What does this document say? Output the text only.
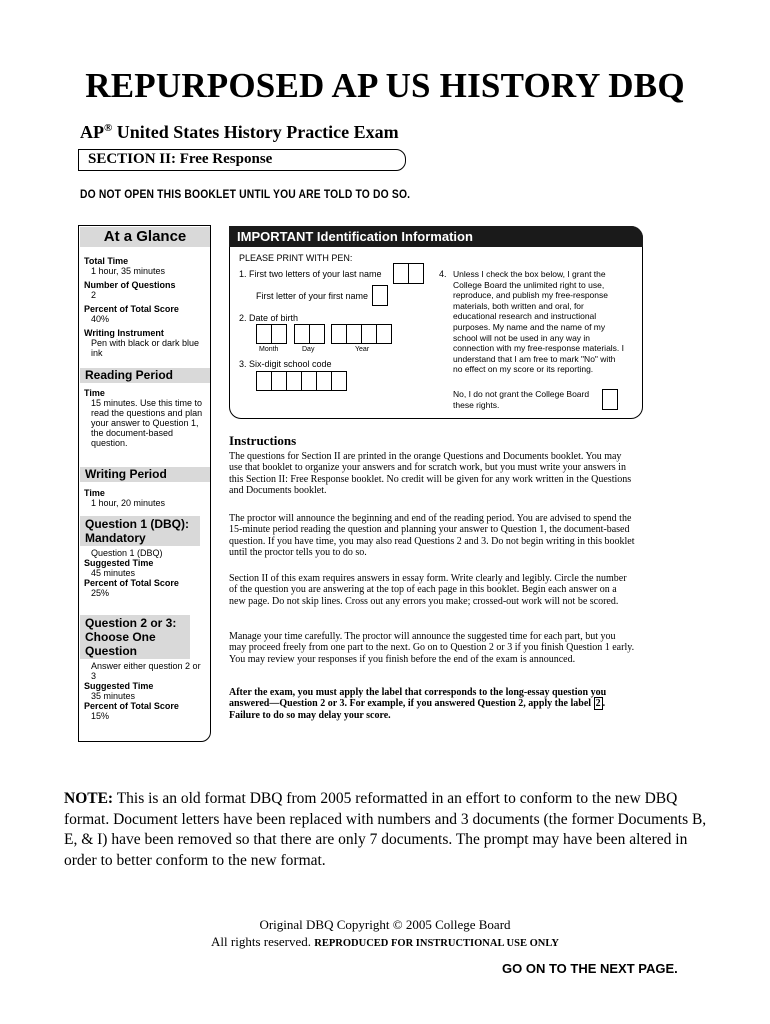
REPURPOSED AP US HISTORY DBQ
AP® United States History Practice Exam
SECTION II: Free Response
DO NOT OPEN THIS BOOKLET UNTIL YOU ARE TOLD TO DO SO.
At a Glance
Total Time
1 hour, 35 minutes
Number of Questions
2
Percent of Total Score
40%
Writing Instrument

Pen with black or dark blue ink
Reading Period
Time

15 minutes. Use this time to read the questions and plan your answer to Question 1, the document-based question.
Writing Period
Time
1 hour, 20 minutes
Question 1 (DBQ): Mandatory
Question 1 (DBQ)
Suggested Time
45 minutes
Percent of Total Score
25%
Question 2 or 3: Choose One Question
Answer either question 2 or 3
Suggested Time
35 minutes
Percent of Total Score
15%
IMPORTANT Identification Information
PLEASE PRINT WITH PEN:
1. First two letters of your last name
First letter of your first name
2. Date of birth
Month	Day	Year
3. Six-digit school code
4. Unless I check the box below, I grant the College Board the unlimited right to use, reproduce, and publish my free-response materials, both written and oral, for educational research and instructional purposes. My name and the name of my school will not be used in any way in connection with my free-response materials. I understand that I am free to mark "No" with no effect on my score or its reporting.
No, I do not grant the College Board these rights.
Instructions
The questions for Section II are printed in the orange Questions and Documents booklet. You may use that booklet to organize your answers and for scratch work, but you must write your answers in this Section II: Free Response booklet. No credit will be given for any work written in the Questions and Documents booklet.
The proctor will announce the beginning and end of the reading period. You are advised to spend the 15-minute period reading the question and planning your answer to Question 1, the document-based question. If you have time, you may also read Questions 2 and 3. Do not begin writing in this booklet until the proctor tells you to do so.
Section II of this exam requires answers in essay form. Write clearly and legibly. Circle the number of the question you are answering at the top of each page in this booklet. Begin each answer on a new page. Do not skip lines. Cross out any errors you make; crossed-out work will not be scored.
Manage your time carefully. The proctor will announce the suggested time for each part, but you may proceed freely from one part to the next. Go on to Question 2 or 3 if you finish Question 1 early. You may review your responses if you finish before the end of the exam is announced.
After the exam, you must apply the label that corresponds to the long-essay question you answered—Question 2 or 3. For example, if you answered Question 2, apply the label 2 . Failure to do so may delay your score.
NOTE: This is an old format DBQ from 2005 reformatted in an effort to conform to the new DBQ format. Document letters have been replaced with numbers and 3 documents (the former Documents B, E, & I) have been removed so that there are only 7 documents. The prompt may have been altered in order to better conform to the new format.
Original DBQ Copyright © 2005 College Board
All rights reserved. REPRODUCED FOR INSTRUCTIONAL USE ONLY
GO ON TO THE NEXT PAGE.
